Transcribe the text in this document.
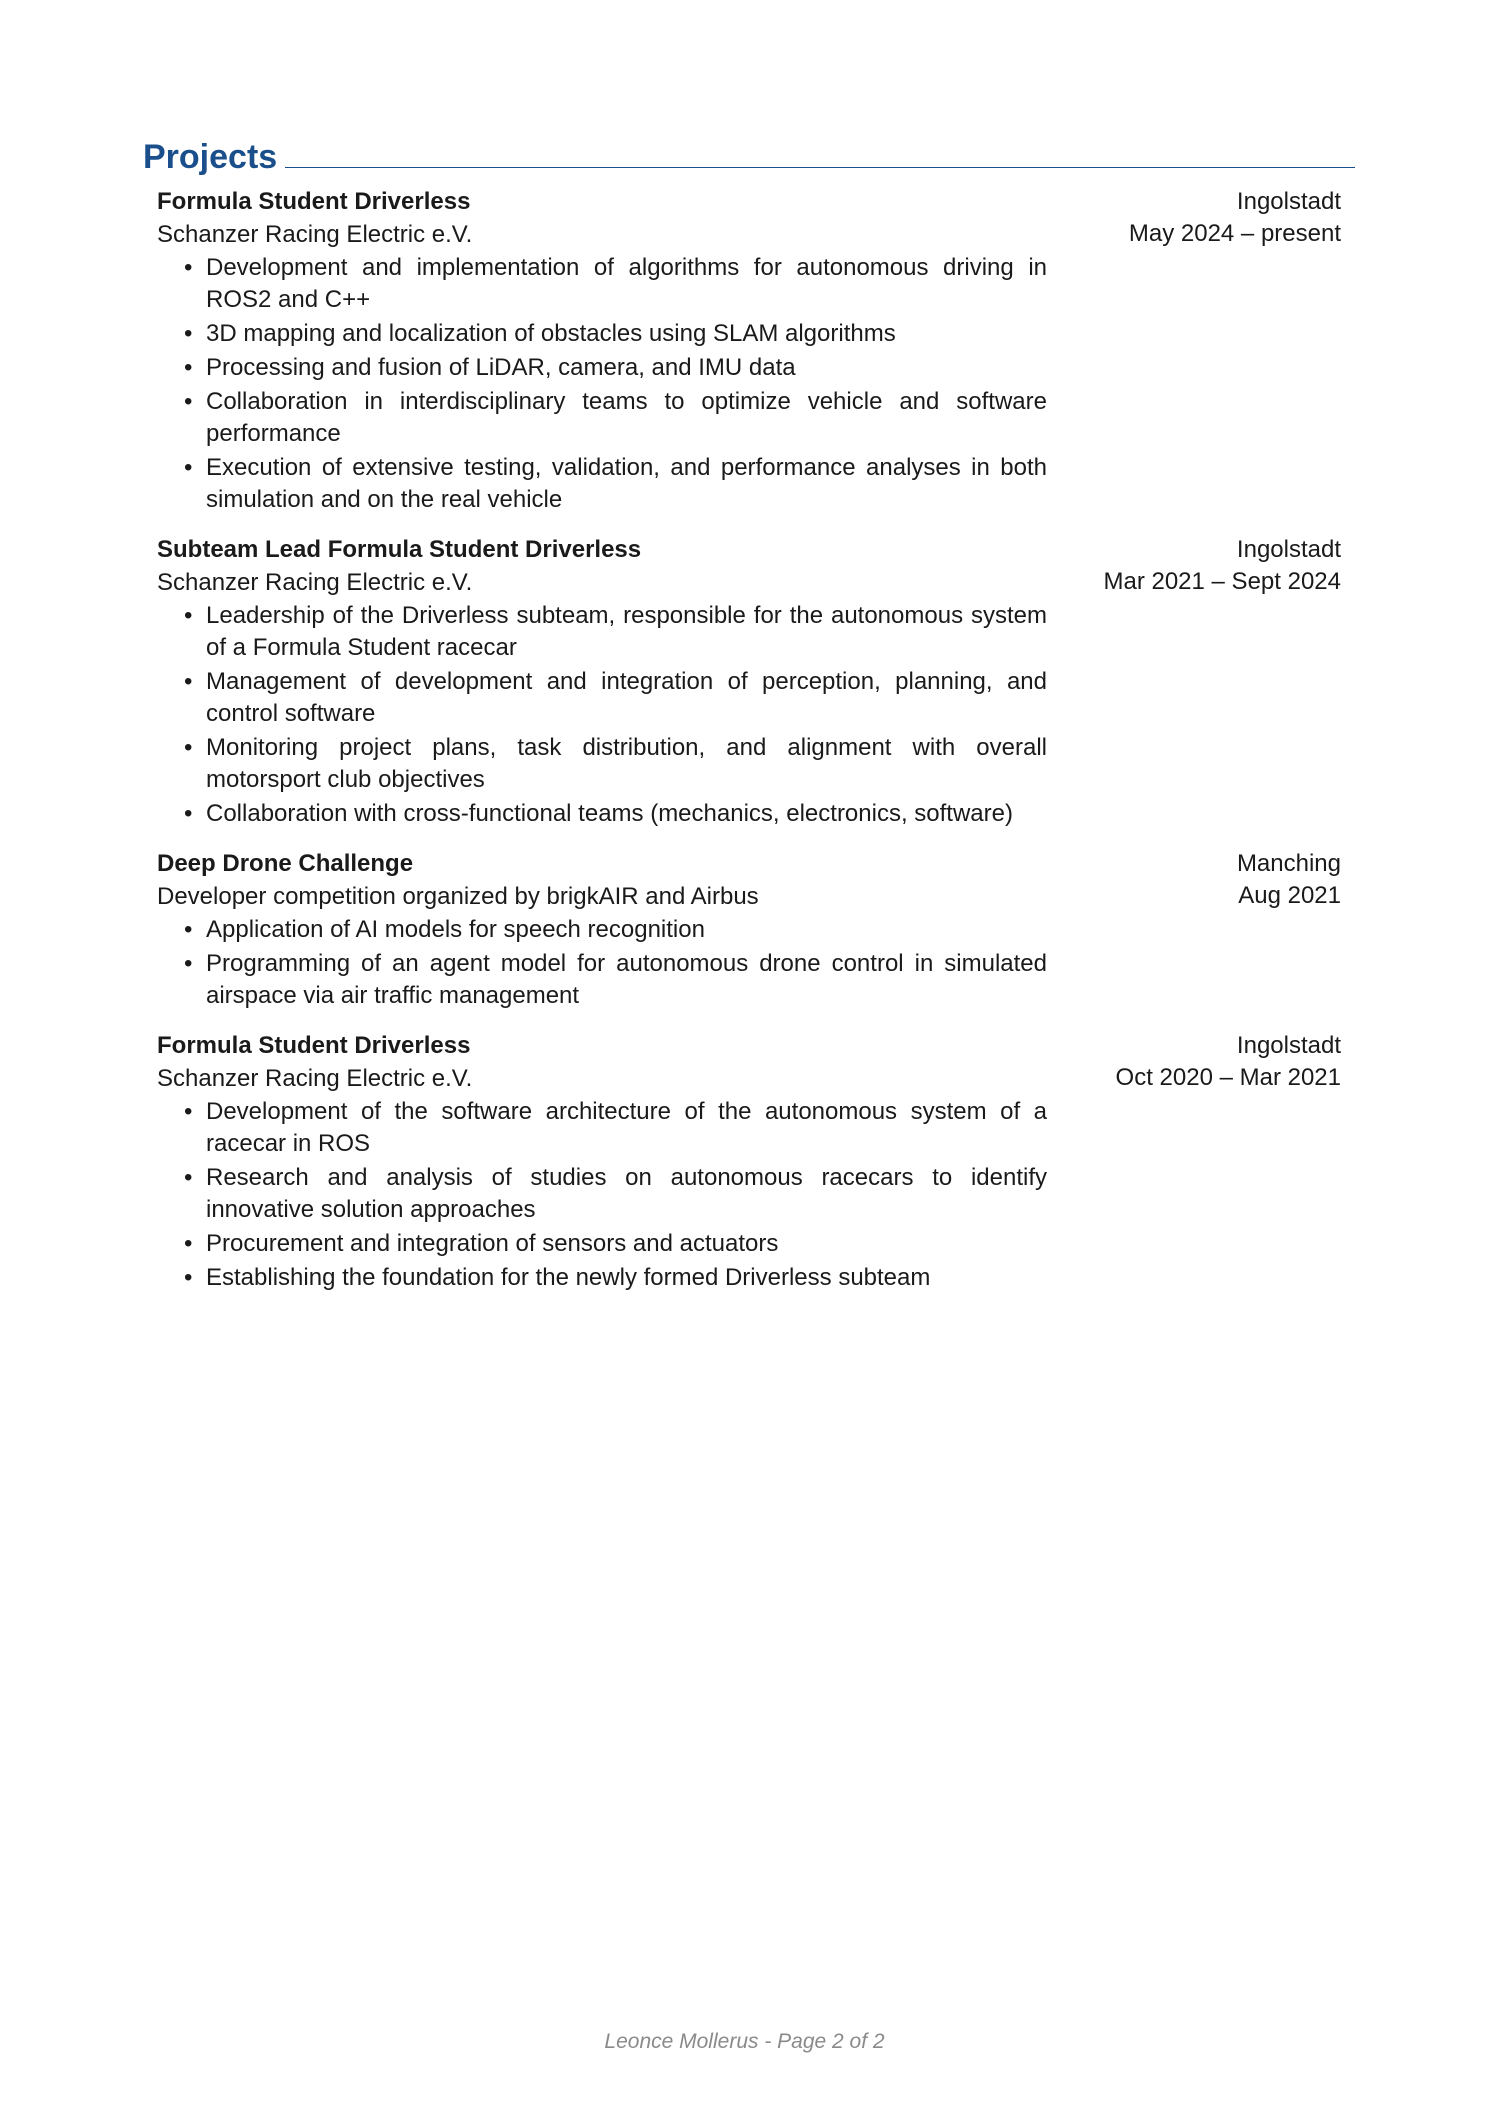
Projects
Formula Student Driverless
Schanzer Racing Electric e.V.
Ingolstadt
May 2024 – present
• Development and implementation of algorithms for autonomous driving in ROS2 and C++
• 3D mapping and localization of obstacles using SLAM algorithms
• Processing and fusion of LiDAR, camera, and IMU data
• Collaboration in interdisciplinary teams to optimize vehicle and software performance
• Execution of extensive testing, validation, and performance analyses in both simulation and on the real vehicle
Subteam Lead Formula Student Driverless
Schanzer Racing Electric e.V.
Ingolstadt
Mar 2021 – Sept 2024
• Leadership of the Driverless subteam, responsible for the autonomous system of a Formula Student racecar
• Management of development and integration of perception, planning, and control software
• Monitoring project plans, task distribution, and alignment with overall motorsport club objectives
• Collaboration with cross-functional teams (mechanics, electronics, software)
Deep Drone Challenge
Developer competition organized by brigkAIR and Airbus
Manching
Aug 2021
• Application of AI models for speech recognition
• Programming of an agent model for autonomous drone control in simulated airspace via air traffic management
Formula Student Driverless
Schanzer Racing Electric e.V.
Ingolstadt
Oct 2020 – Mar 2021
• Development of the software architecture of the autonomous system of a racecar in ROS
• Research and analysis of studies on autonomous racecars to identify innovative solution approaches
• Procurement and integration of sensors and actuators
• Establishing the foundation for the newly formed Driverless subteam
Leonce Mollerus - Page 2 of 2
